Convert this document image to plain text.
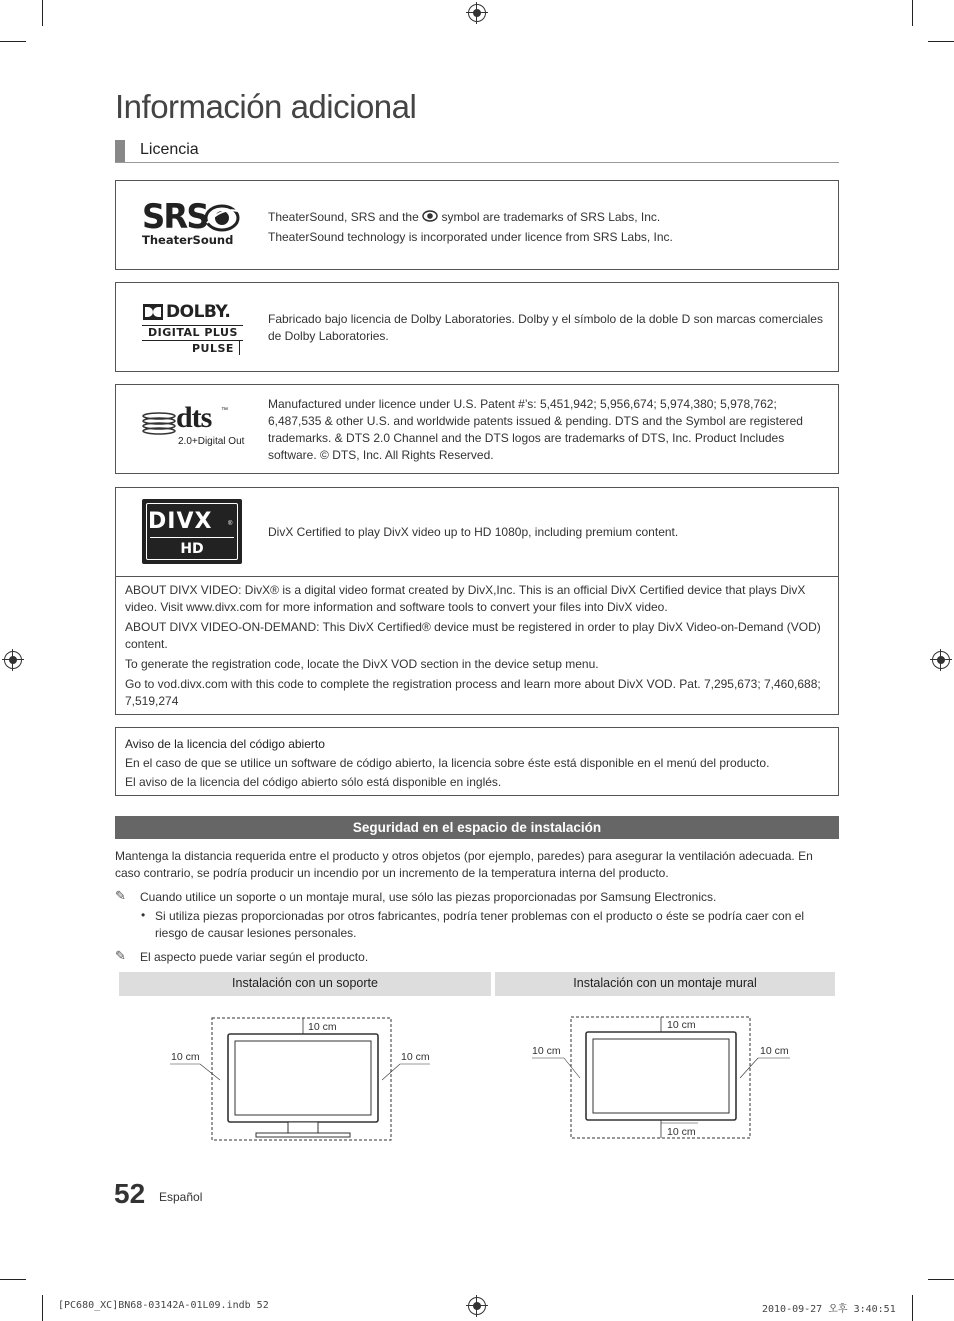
Información adicional
Licencia
SRS
TheaterSound
TheaterSound, SRS and the symbol are trademarks of SRS Labs, Inc.
TheaterSound technology is incorporated under licence from SRS Labs, Inc.
DOLBY.
DIGITAL PLUS
PULSE
Fabricado bajo licencia de Dolby Laboratories. Dolby y el símbolo de la doble D son marcas comerciales de Dolby Laboratories.
dts ™
2.0+Digital Out
Manufactured under licence under U.S. Patent #’s: 5,451,942; 5,956,674; 5,974,380; 5,978,762; 6,487,535 & other U.S. and worldwide patents issued & pending. DTS and the Symbol are registered trademarks. & DTS 2.0 Channel and the DTS logos are trademarks of DTS, Inc. Product Includes software. © DTS, Inc. All Rights Reserved.
DIVX	®
HD
DivX Certified to play DivX video up to HD 1080p, including premium content.

ABOUT DIVX VIDEO: DivX® is a digital video format created by DivX,Inc. This is an official DivX Certified device that plays DivX video. Visit www.divx.com for more information and software tools to convert your files into DivX video.

ABOUT DIVX VIDEO-ON-DEMAND: This DivX Certified® device must be registered in order to play DivX Video-on-Demand (VOD) content.

To generate the registration code, locate the DivX VOD section in the device setup menu.

Go to vod.divx.com with this code to complete the registration process and learn more about DivX VOD. Pat. 7,295,673; 7,460,688; 7,519,274

Aviso de la licencia del código abierto

En el caso de que se utilice un software de código abierto, la licencia sobre éste está disponible en el menú del producto.

El aviso de la licencia del código abierto sólo está disponible en inglés.

Seguridad en el espacio de instalación
Mantenga la distancia requerida entre el producto y otros objetos (por ejemplo, paredes) para asegurar la ventilación adecuada. En caso contrario, se podría producir un incendio por un incremento de la temperatura interna del producto.
✎ Cuando utilice un soporte o un montaje mural, use sólo las piezas proporcionadas por Samsung Electronics.
• Si utiliza piezas proporcionadas por otros fabricantes, podría tener problemas con el producto o éste se podría caer con el riesgo de causar lesiones personales.
✎ El aspecto puede variar según el producto.
Instalación con un soporte	Instalación con un montaje mural
10 cm
10 cm	10 cm
10 cm
10 cm	10 cm
10 cm
52 Español
[PC680_XC]BN68-03142A-01L09.indb 52	2010-09-27 오후 3:40:51
